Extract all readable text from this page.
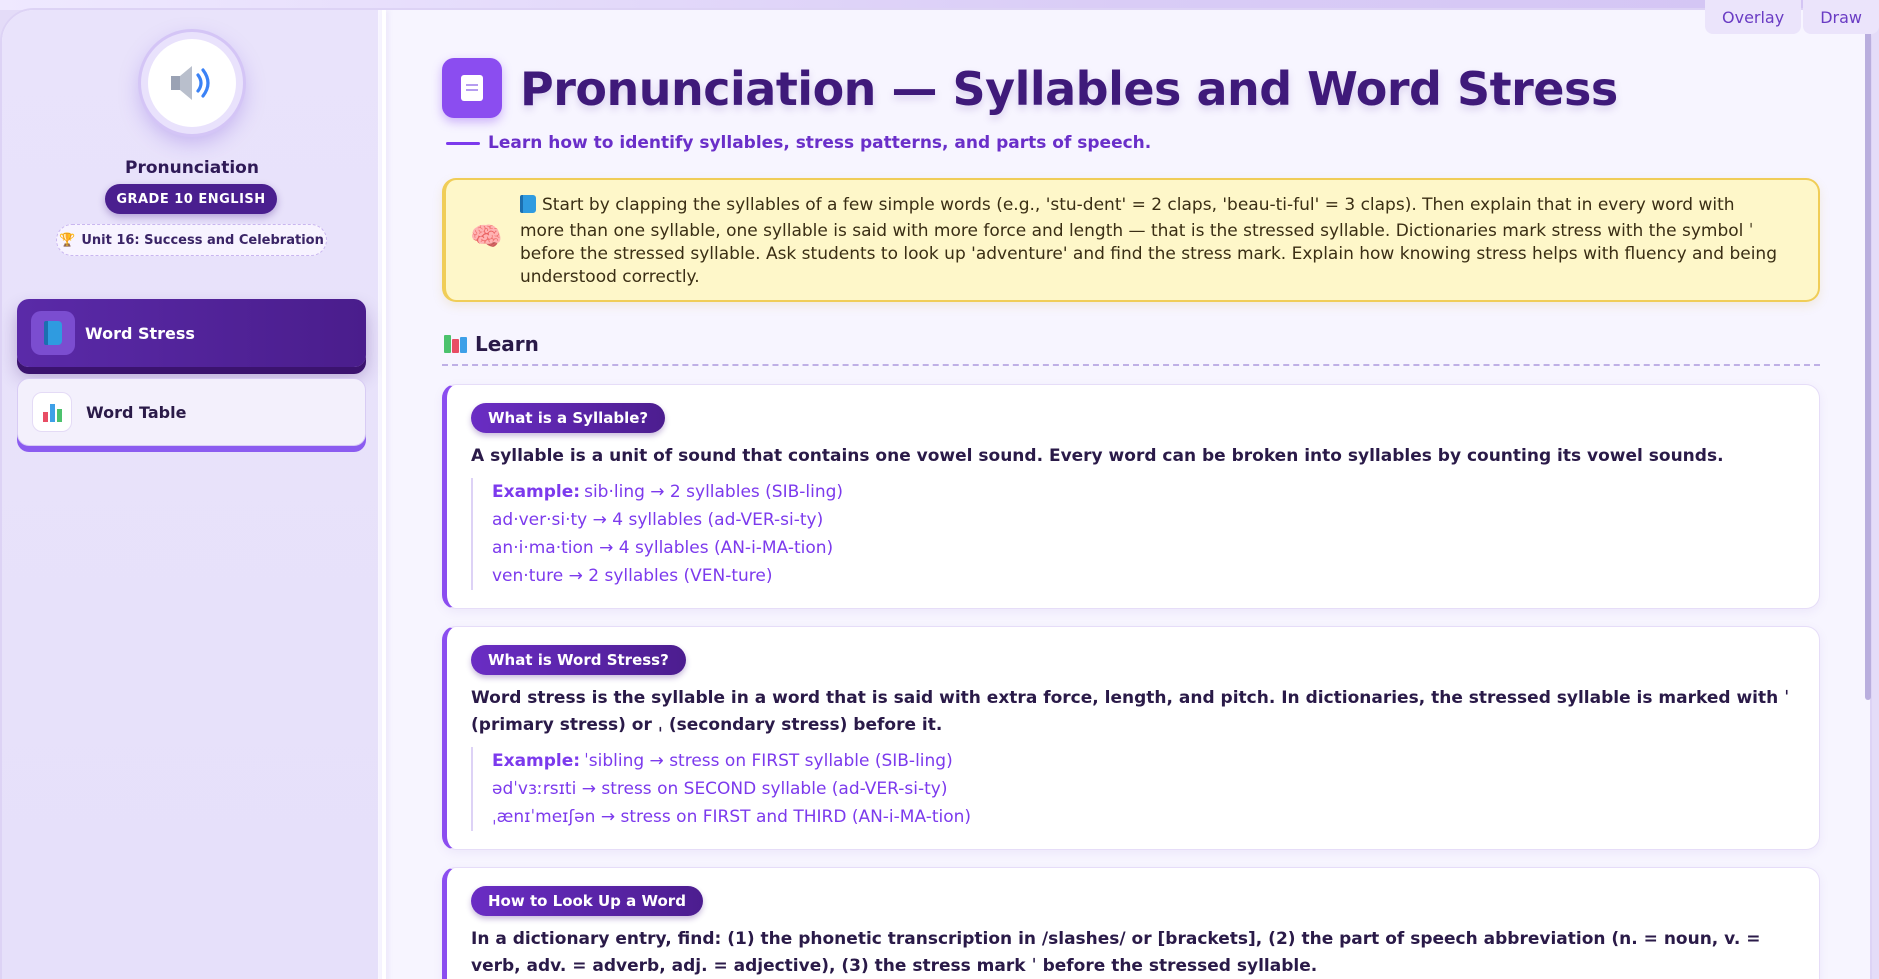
Overlay	Draw
Pronunciation
GRADE 10 ENGLISH
🏆 Unit 16: Success and Celebration
Word Stress
Word Table
Pronunciation — Syllables and Word Stress
Learn how to identify syllables, stress patterns, and parts of speech.
🧠
Start by clapping the syllables of a few simple words (e.g., 'stu-dent' = 2 claps, 'beau-ti-ful' = 3 claps). Then explain that in every word with more than one syllable, one syllable is said with more force and length — that is the stressed syllable. Dictionaries mark stress with the symbol ˈ before the stressed syllable. Ask students to look up 'adventure' and find the stress mark. Explain how knowing stress helps with fluency and being understood correctly.
Learn
What is a Syllable?
A syllable is a unit of sound that contains one vowel sound. Every word can be broken into syllables by counting its vowel sounds.
Example: sib·ling → 2 syllables (SIB-ling)
ad·ver·si·ty → 4 syllables (ad-VER-si-ty)
an·i·ma·tion → 4 syllables (AN-i-MA-tion)
ven·ture → 2 syllables (VEN-ture)
What is Word Stress?
Word stress is the syllable in a word that is said with extra force, length, and pitch. In dictionaries, the stressed syllable is marked with ˈ (primary stress) or ˌ (secondary stress) before it.
Example: ˈsibling → stress on FIRST syllable (SIB-ling)
ədˈvɜːrsɪti → stress on SECOND syllable (ad-VER-si-ty)
ˌænɪˈmeɪʃən → stress on FIRST and THIRD (AN-i-MA-tion)
How to Look Up a Word
In a dictionary entry, find: (1) the phonetic transcription in /slashes/ or [brackets], (2) the part of speech abbreviation (n. = noun, v. = verb, adv. = adverb, adj. = adjective), (3) the stress mark ˈ before the stressed syllable.
